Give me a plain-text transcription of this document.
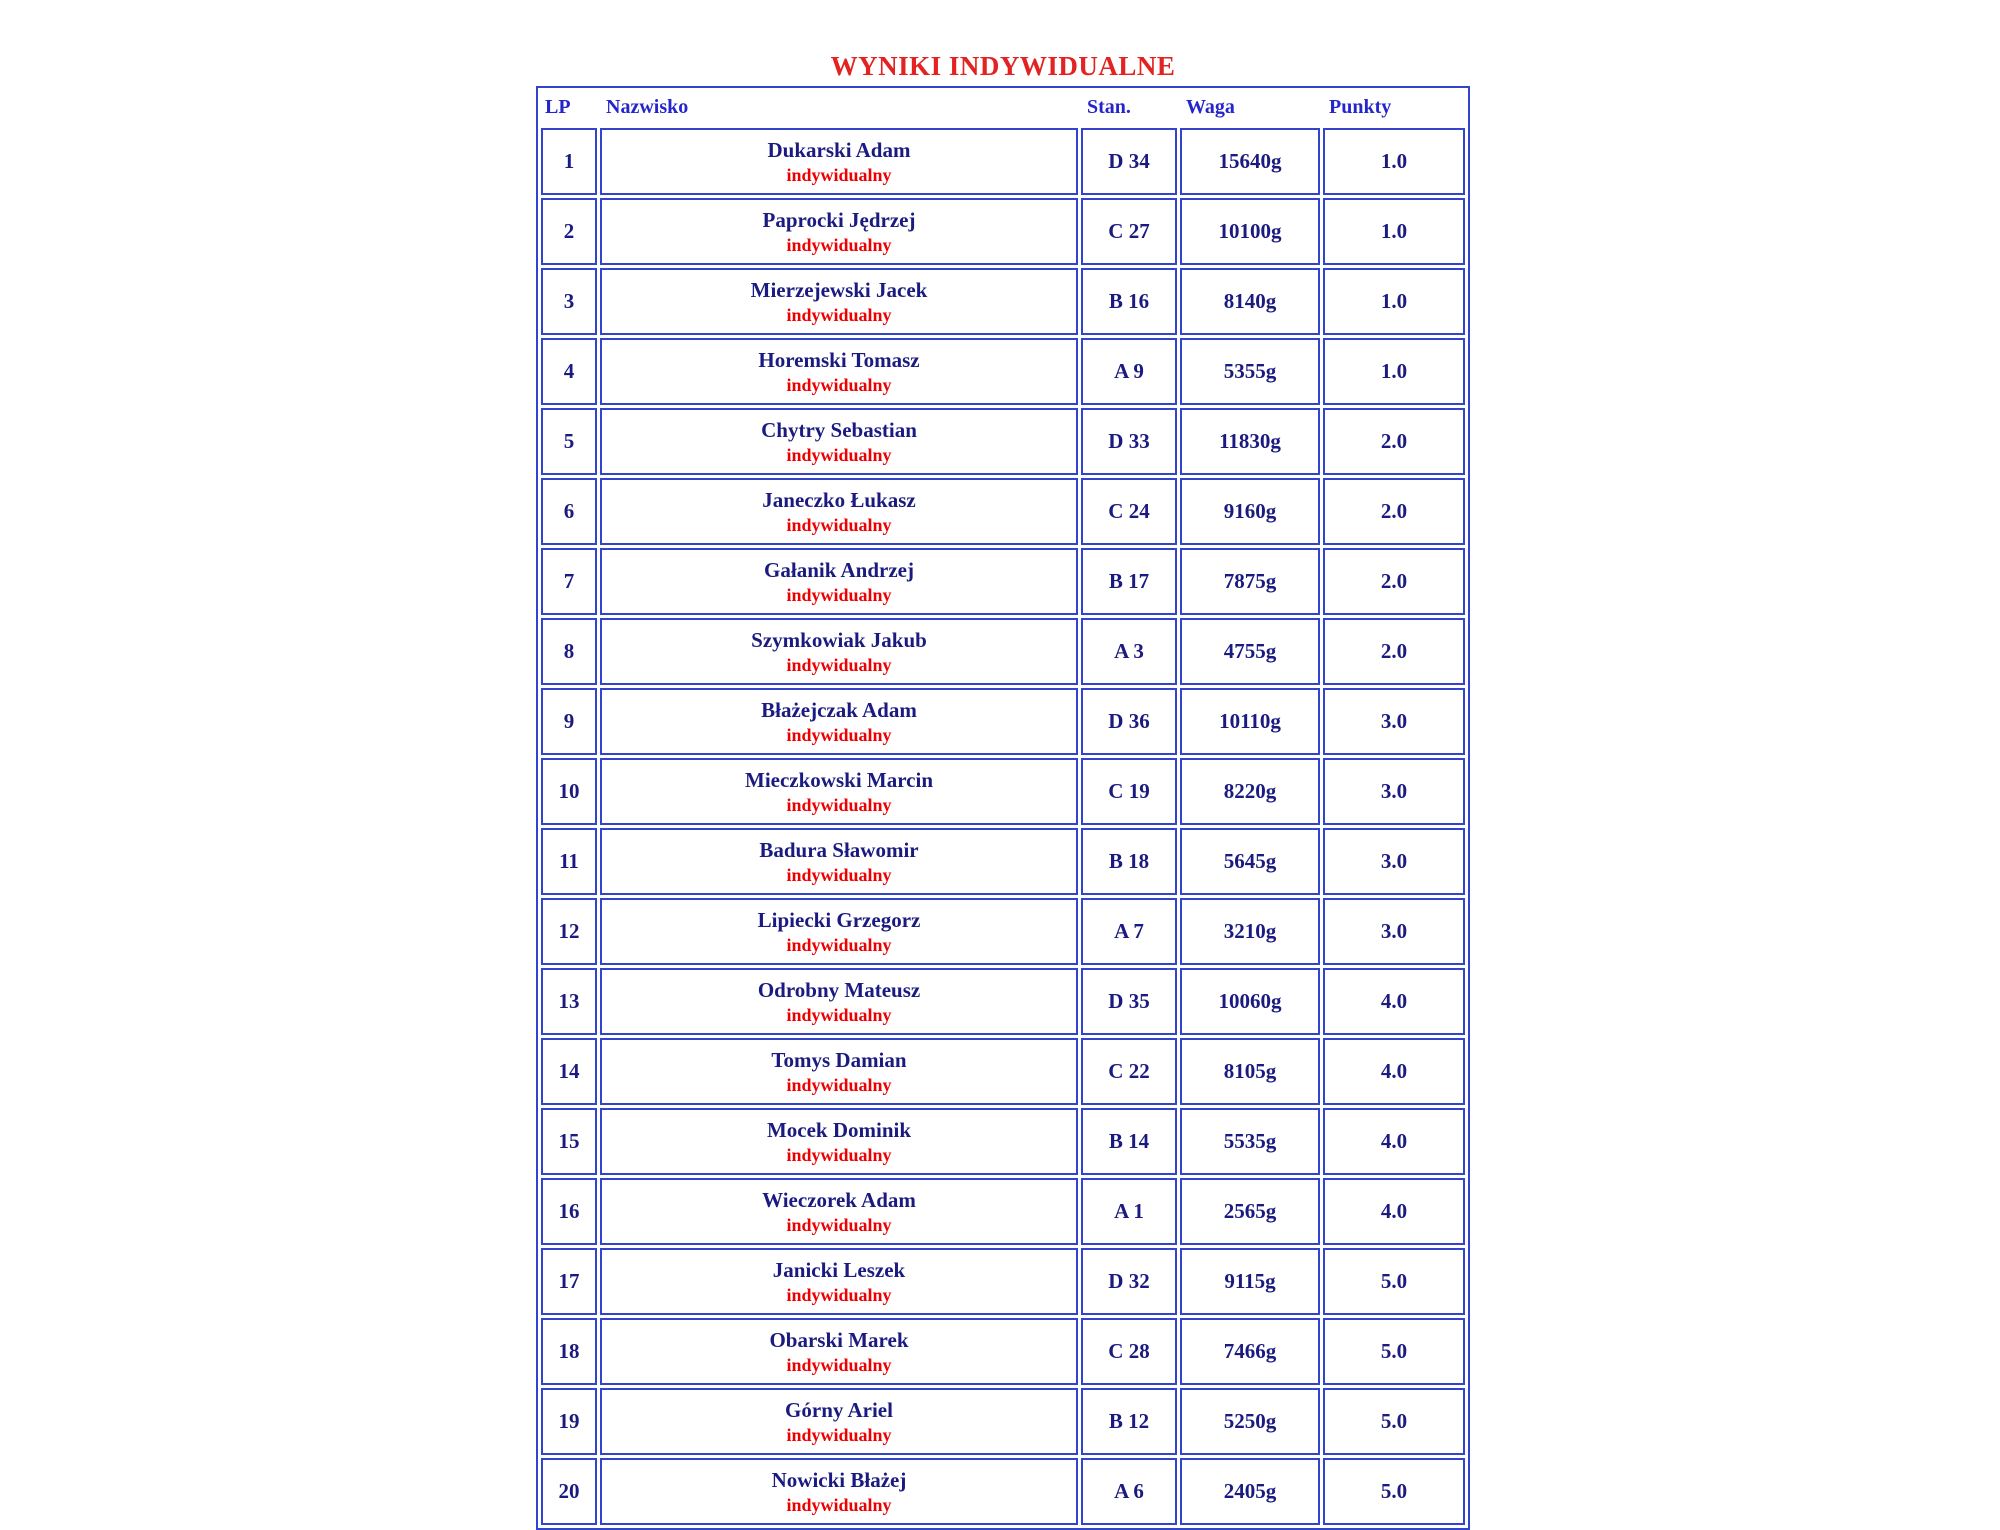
WYNIKI INDYWIDUALNE
LP	Nazwisko	Stan.	Waga	Punkty
1	Dukarski Adam
indywidualny	D 34	15640g	1.0
2	Paprocki Jędrzej
indywidualny	C 27	10100g	1.0
3	Mierzejewski Jacek
indywidualny	B 16	8140g	1.0
4	Horemski Tomasz
indywidualny	A 9	5355g	1.0
5	Chytry Sebastian
indywidualny	D 33	11830g	2.0
6	Janeczko Łukasz
indywidualny	C 24	9160g	2.0
7	Gałanik Andrzej
indywidualny	B 17	7875g	2.0
8	Szymkowiak Jakub
indywidualny	A 3	4755g	2.0
9	Błażejczak Adam
indywidualny	D 36	10110g	3.0
10	Mieczkowski Marcin
indywidualny	C 19	8220g	3.0
11	Badura Sławomir
indywidualny	B 18	5645g	3.0
12	Lipiecki Grzegorz
indywidualny	A 7	3210g	3.0
13	Odrobny Mateusz
indywidualny	D 35	10060g	4.0
14	Tomys Damian
indywidualny	C 22	8105g	4.0
15	Mocek Dominik
indywidualny	B 14	5535g	4.0
16	Wieczorek Adam
indywidualny	A 1	2565g	4.0
17	Janicki Leszek
indywidualny	D 32	9115g	5.0
18	Obarski Marek
indywidualny	C 28	7466g	5.0
19	Górny Ariel
indywidualny	B 12	5250g	5.0
20	Nowicki Błażej
indywidualny	A 6	2405g	5.0
